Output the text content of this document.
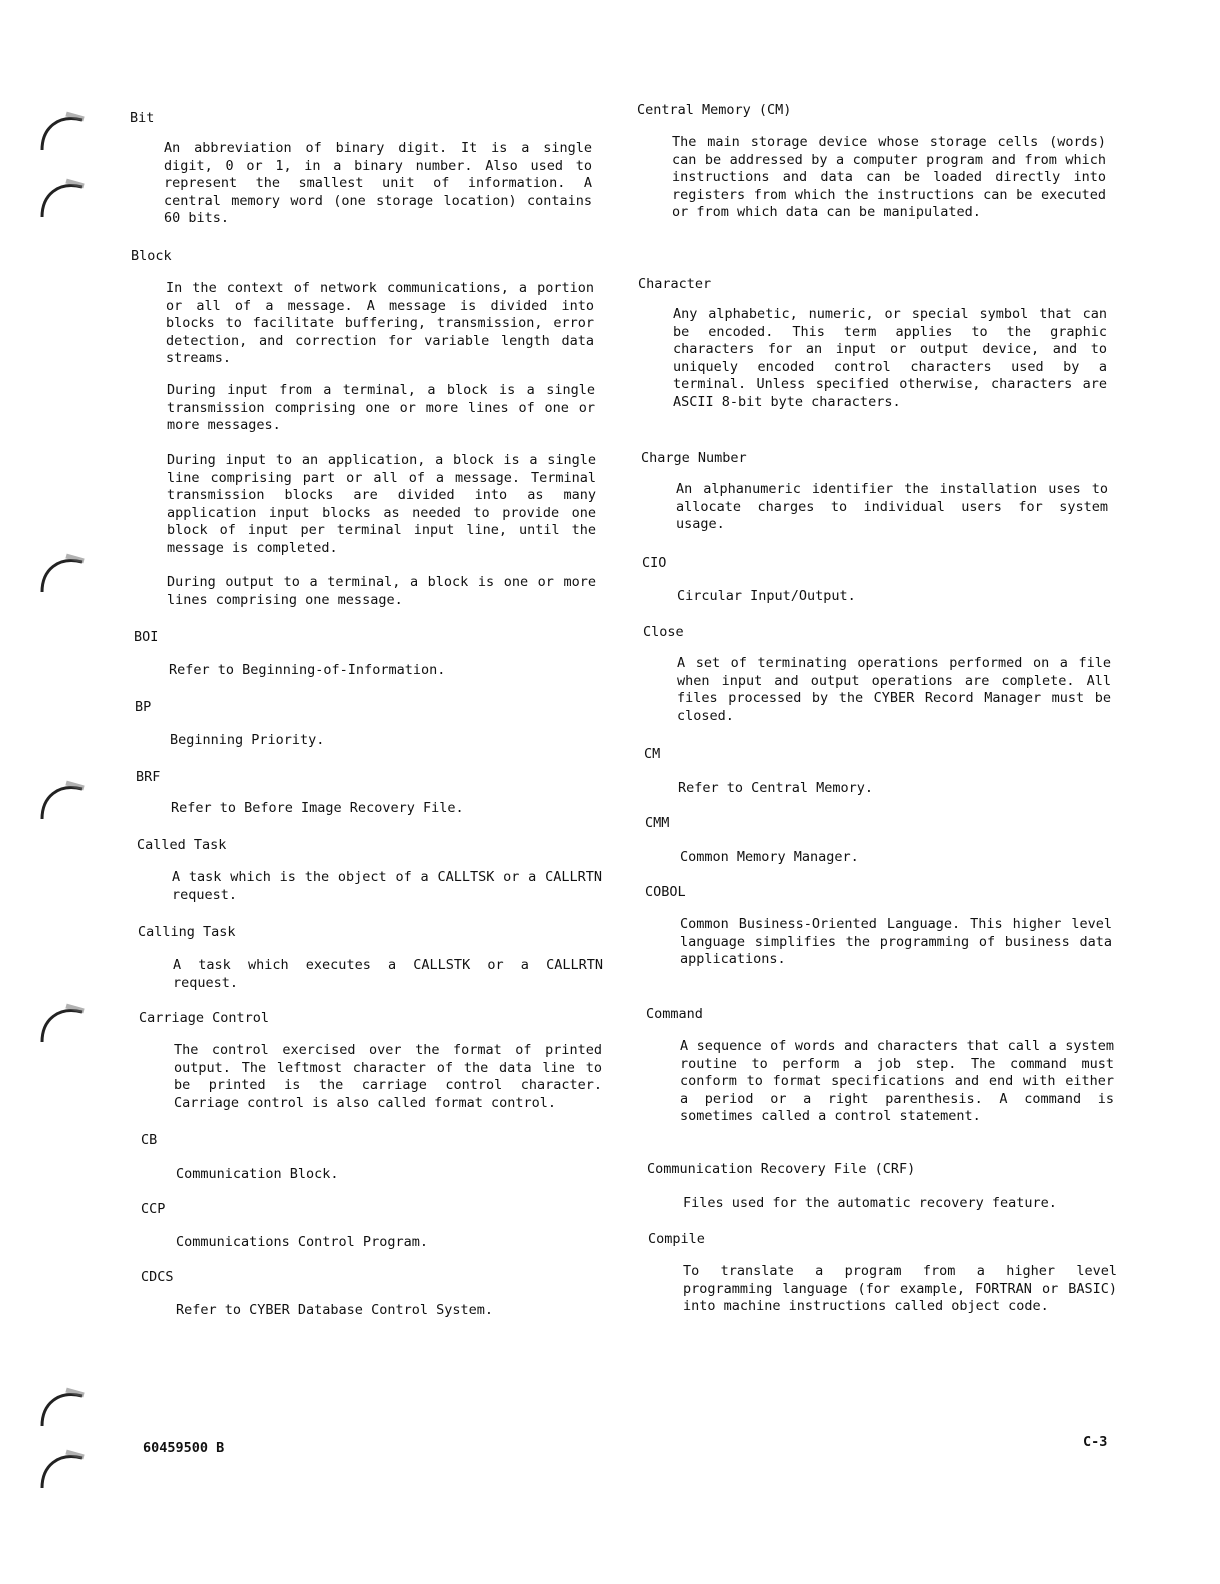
Bit

An abbreviation of binary digit. It is a single digit, 0 or 1, in a binary number. Also used to represent the smallest unit of information. A central memory word (one storage location) contains 60 bits.

Block

In the context of network communications, a portion or all of a message. A message is divided into blocks to facilitate buffering, transmission, error detection, and correction for variable length data streams.

During input from a terminal, a block is a single transmission comprising one or more lines of one or more messages.

During input to an application, a block is a single line comprising part or all of a message. Terminal transmission blocks are divided into as many application input blocks as needed to provide one block of input per terminal input line, until the message is completed.

During output to a terminal, a block is one or more lines comprising one message.

BOI

Refer to Beginning-of-Information.

BP

Beginning Priority.

BRF

Refer to Before Image Recovery File.

Called Task

A task which is the object of a CALLTSK or a CALLRTN request.

Calling Task

A task which executes a CALLSTK or a CALLRTN request.

Carriage Control

The control exercised over the format of printed output. The leftmost character of the data line to be printed is the carriage control character. Carriage control is also called format control.

CB

Communication Block.

CCP

Communications Control Program.

CDCS

Refer to CYBER Database Control System.

Central Memory (CM)

The main storage device whose storage cells (words) can be addressed by a computer program and from which instructions and data can be loaded directly into registers from which the instructions can be executed or from which data can be manipulated.

Character

Any alphabetic, numeric, or special symbol that can be encoded. This term applies to the graphic characters for an input or output device, and to uniquely encoded control characters used by a terminal. Unless specified otherwise, characters are ASCII 8-bit byte characters.

Charge Number

An alphanumeric identifier the installation uses to allocate charges to individual users for system usage.

CIO

Circular Input/Output.

Close

A set of terminating operations performed on a file when input and output operations are complete. All files processed by the CYBER Record Manager must be closed.

CM

Refer to Central Memory.

CMM

Common Memory Manager.

COBOL

Common Business-Oriented Language. This higher level language simplifies the programming of business data applications.

Command

A sequence of words and characters that call a system routine to perform a job step. The command must conform to format specifications and end with either a period or a right parenthesis. A command is sometimes called a control statement.

Communication Recovery File (CRF)

Files used for the automatic recovery feature.

Compile

To translate a program from a higher level programming language (for example, FORTRAN or BASIC) into machine instructions called object code.

60459500 B	C-3
